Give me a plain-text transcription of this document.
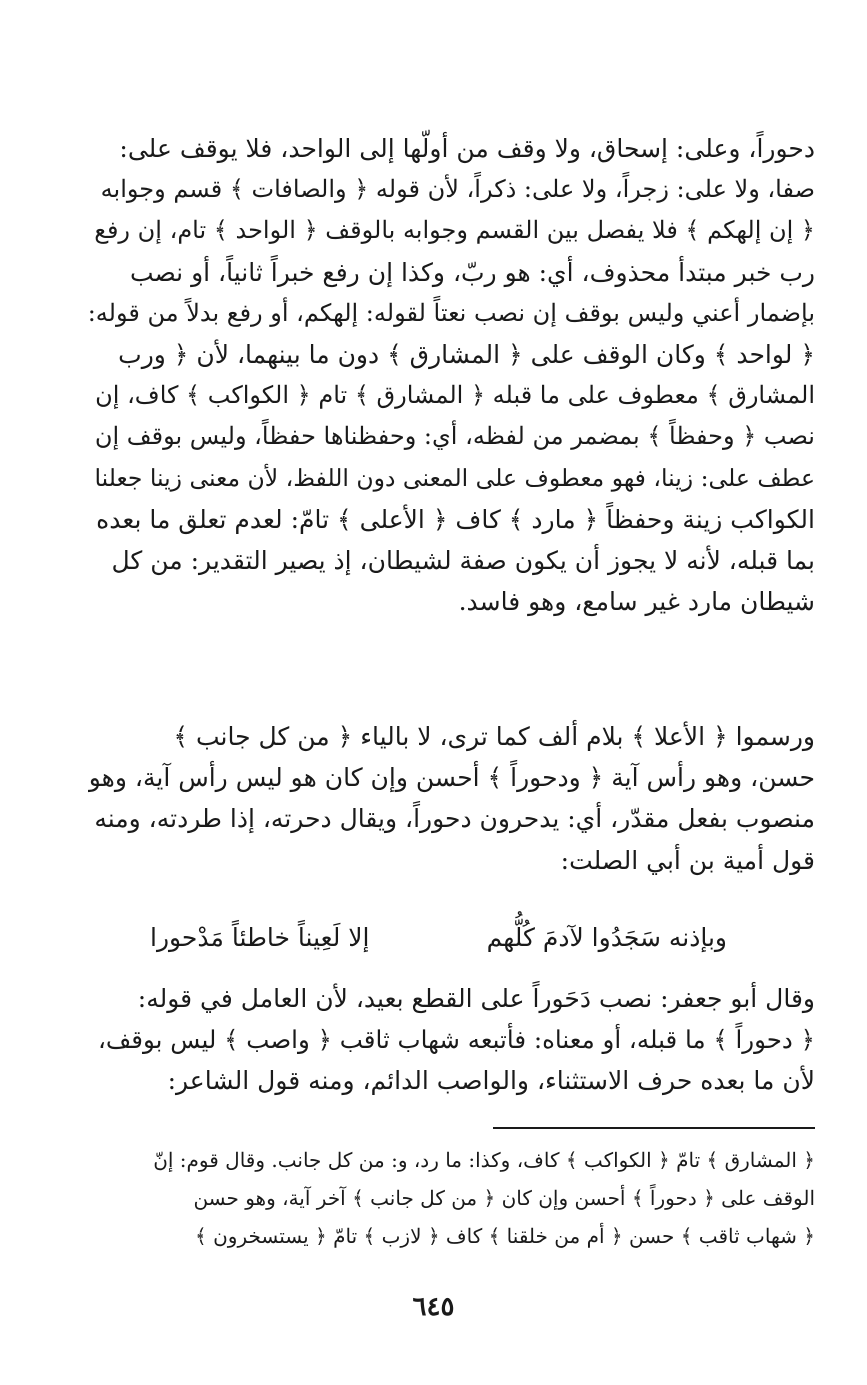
دحوراً، وعلى: إسحاق، ولا وقف من أولّها إلى الواحد، فلا يوقف على:
صفا، ولا على: زجراً، ولا على: ذكراً، لأن قوله ﴿ والصافات ﴾ قسم وجوابه
﴿ إن إلهكم ﴾ فلا يفصل بين القسم وجوابه بالوقف ﴿ الواحد ﴾ تام، إن رفع
رب خبر مبتدأ محذوف، أي: هو ربّ، وكذا إن رفع خبراً ثانياً، أو نصب
بإضمار أعني وليس بوقف إن نصب نعتاً لقوله: إلهكم، أو رفع بدلاً من قوله:
﴿ لواحد ﴾ وكان الوقف على ﴿ المشارق ﴾ دون ما بينهما، لأن ﴿ ورب
المشارق ﴾ معطوف على ما قبله ﴿ المشارق ﴾ تام ﴿ الكواكب ﴾ كاف، إن
نصب ﴿ وحفظاً ﴾ بمضمر من لفظه، أي: وحفظناها حفظاً، وليس بوقف إن
عطف على: زينا، فهو معطوف على المعنى دون اللفظ، لأن معنى زينا جعلنا
الكواكب زينة وحفظاً ﴿ مارد ﴾ كاف ﴿ الأعلى ﴾ تامّ: لعدم تعلق ما بعده
بما قبله، لأنه لا يجوز أن يكون صفة لشيطان، إذ يصير التقدير: من كل
شيطان مارد غير سامع، وهو فاسد.
ورسموا ﴿ الأعلا ﴾ بلام ألف كما ترى، لا بالياء ﴿ من كل جانب ﴾
حسن، وهو رأس آية ﴿ ودحوراً ﴾ أحسن وإن كان هو ليس رأس آية، وهو
منصوب بفعل مقدّر، أي: يدحرون دحوراً، ويقال دحرته، إذا طردته، ومنه
قول أمية بن أبي الصلت:
وبإذنه سَجَدُوا لآدمَ كُلُّهم
إلا لَعِيناً خاطئاً مَدْحورا
وقال أبو جعفر: نصب دَحَوراً على القطع بعيد، لأن العامل في قوله:
﴿ دحوراً ﴾ ما قبله، أو معناه: فأتبعه شهاب ثاقب ﴿ واصب ﴾ ليس بوقف،
لأن ما بعده حرف الاستثناء، والواصب الدائم، ومنه قول الشاعر:
﴿ المشارق ﴾ تامّ ﴿ الكواكب ﴾ كاف، وكذا: ما رد، و: من كل جانب. وقال قوم: إنّ
الوقف على ﴿ دحوراً ﴾ أحسن وإن كان ﴿ من كل جانب ﴾ آخر آية، وهو حسن
﴿ شهاب ثاقب ﴾ حسن ﴿ أم من خلقنا ﴾ كاف ﴿ لازب ﴾ تامّ ﴿ يستسخرون ﴾
٦٤٥
